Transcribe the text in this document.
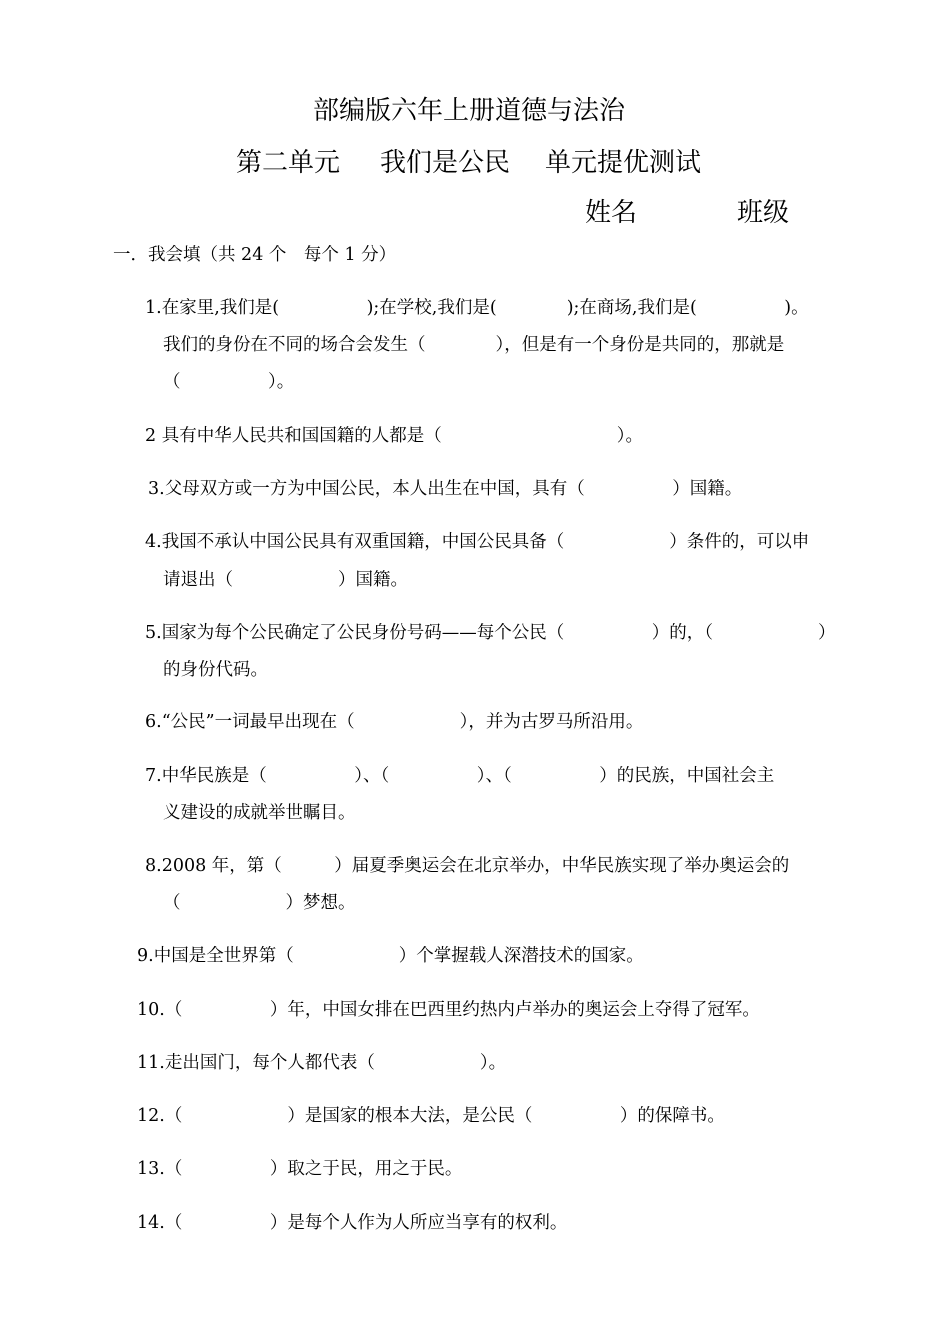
部编版六年上册道德与法治
第二单元 我们是公民 单元提优测试
姓名	班级
一．我会填（共 24 个　每个 1 分）
1.在家里,我们是(　　　　　);在学校,我们是(　　　　);在商场,我们是(　　　　　)。
我们的身份在不同的场合会发生（　　　　），但是有一个身份是共同的，那就是
（　　　　　）。
2 具有中华人民共和国国籍的人都是（　　　　　　　　　　）。
3.父母双方或一方为中国公民，本人出生在中国，具有（　　　　　）国籍。
4.我国不承认中国公民具有双重国籍，中国公民具备（　　　　　　）条件的，可以申
请退出（　　　　　　）国籍。
5.国家为每个公民确定了公民身份号码——每个公民（　　　　　）的，（　　　　　　）
的身份代码。
6.“公民”一词最早出现在（　　　　　　），并为古罗马所沿用。
7.中华民族是（　　　　　）、（　　　　　）、（　　　　　）的民族，中国社会主
义建设的成就举世瞩目。
8.2008 年，第（　　　）届夏季奥运会在北京举办，中华民族实现了举办奥运会的
（　　　　　　）梦想。
9.中国是全世界第（　　　　　　）个掌握载人深潜技术的国家。
10.（　　　　　）年，中国女排在巴西里约热内卢举办的奥运会上夺得了冠军。
11.走出国门，每个人都代表（　　　　　　）。
12.（　　　　　　）是国家的根本大法，是公民（　　　　　）的保障书。
13.（　　　　　）取之于民，用之于民。
14.（　　　　　）是每个人作为人所应当享有的权利。
